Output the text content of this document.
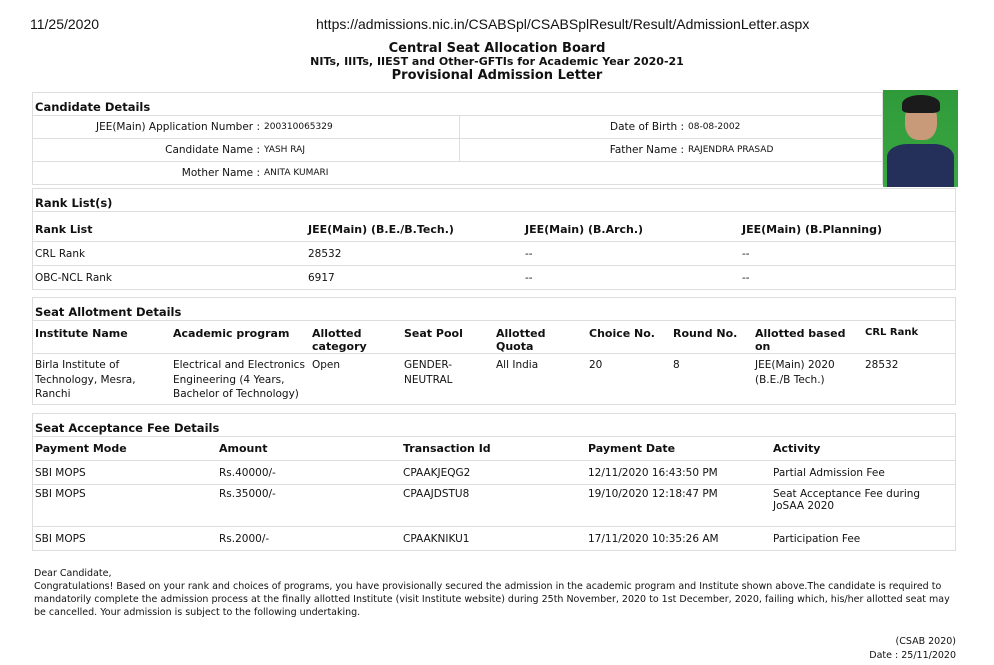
11/25/2020	https://admissions.nic.in/CSABSpl/CSABSplResult/Result/AdmissionLetter.aspx
Central Seat Allocation Board
NITs, IIITs, IIEST and Other-GFTIs for Academic Year 2020-21
Provisional Admission Letter
Candidate Details
JEE(Main) Application Number :	200310065329	Date of Birth :	08-08-2002
Candidate Name :	YASH RAJ	Father Name :	RAJENDRA PRASAD
Mother Name :	ANITA KUMARI		
Rank List(s)
Rank List	JEE(Main) (B.E./B.Tech.)	JEE(Main) (B.Arch.)	JEE(Main) (B.Planning)
CRL Rank	28532	--	--
OBC-NCL Rank	6917	--	--
Seat Allotment Details
Institute Name	Academic program	Allotted category	Seat Pool	Allotted Quota	Choice No.	Round No.	Allotted based on	CRL Rank
Birla Institute of Technology, Mesra, Ranchi	Electrical and Electronics Engineering (4 Years, Bachelor of Technology)	Open	GENDER-NEUTRAL	All India	20	8	JEE(Main) 2020 (B.E./B Tech.)	28532
Seat Acceptance Fee Details
Payment Mode	Amount	Transaction Id	Payment Date	Activity
SBI MOPS	Rs.40000/-	CPAAKJEQG2	12/11/2020 16:43:50 PM	Partial Admission Fee
SBI MOPS	Rs.35000/-	CPAAJDSTU8	19/10/2020 12:18:47 PM	Seat Acceptance Fee during JoSAA 2020
SBI MOPS	Rs.2000/-	CPAAKNIKU1	17/11/2020 10:35:26 AM	Participation Fee
Dear Candidate,
Congratulations! Based on your rank and choices of programs, you have provisionally secured the admission in the academic program and Institute shown above.The candidate is required to mandatorily complete the admission process at the finally allotted Institute (visit Institute website) during 25th November, 2020 to 1st December, 2020, failing which, his/her allotted seat may be cancelled. Your admission is subject to the following undertaking.
(CSAB 2020)
Date : 25/11/2020
